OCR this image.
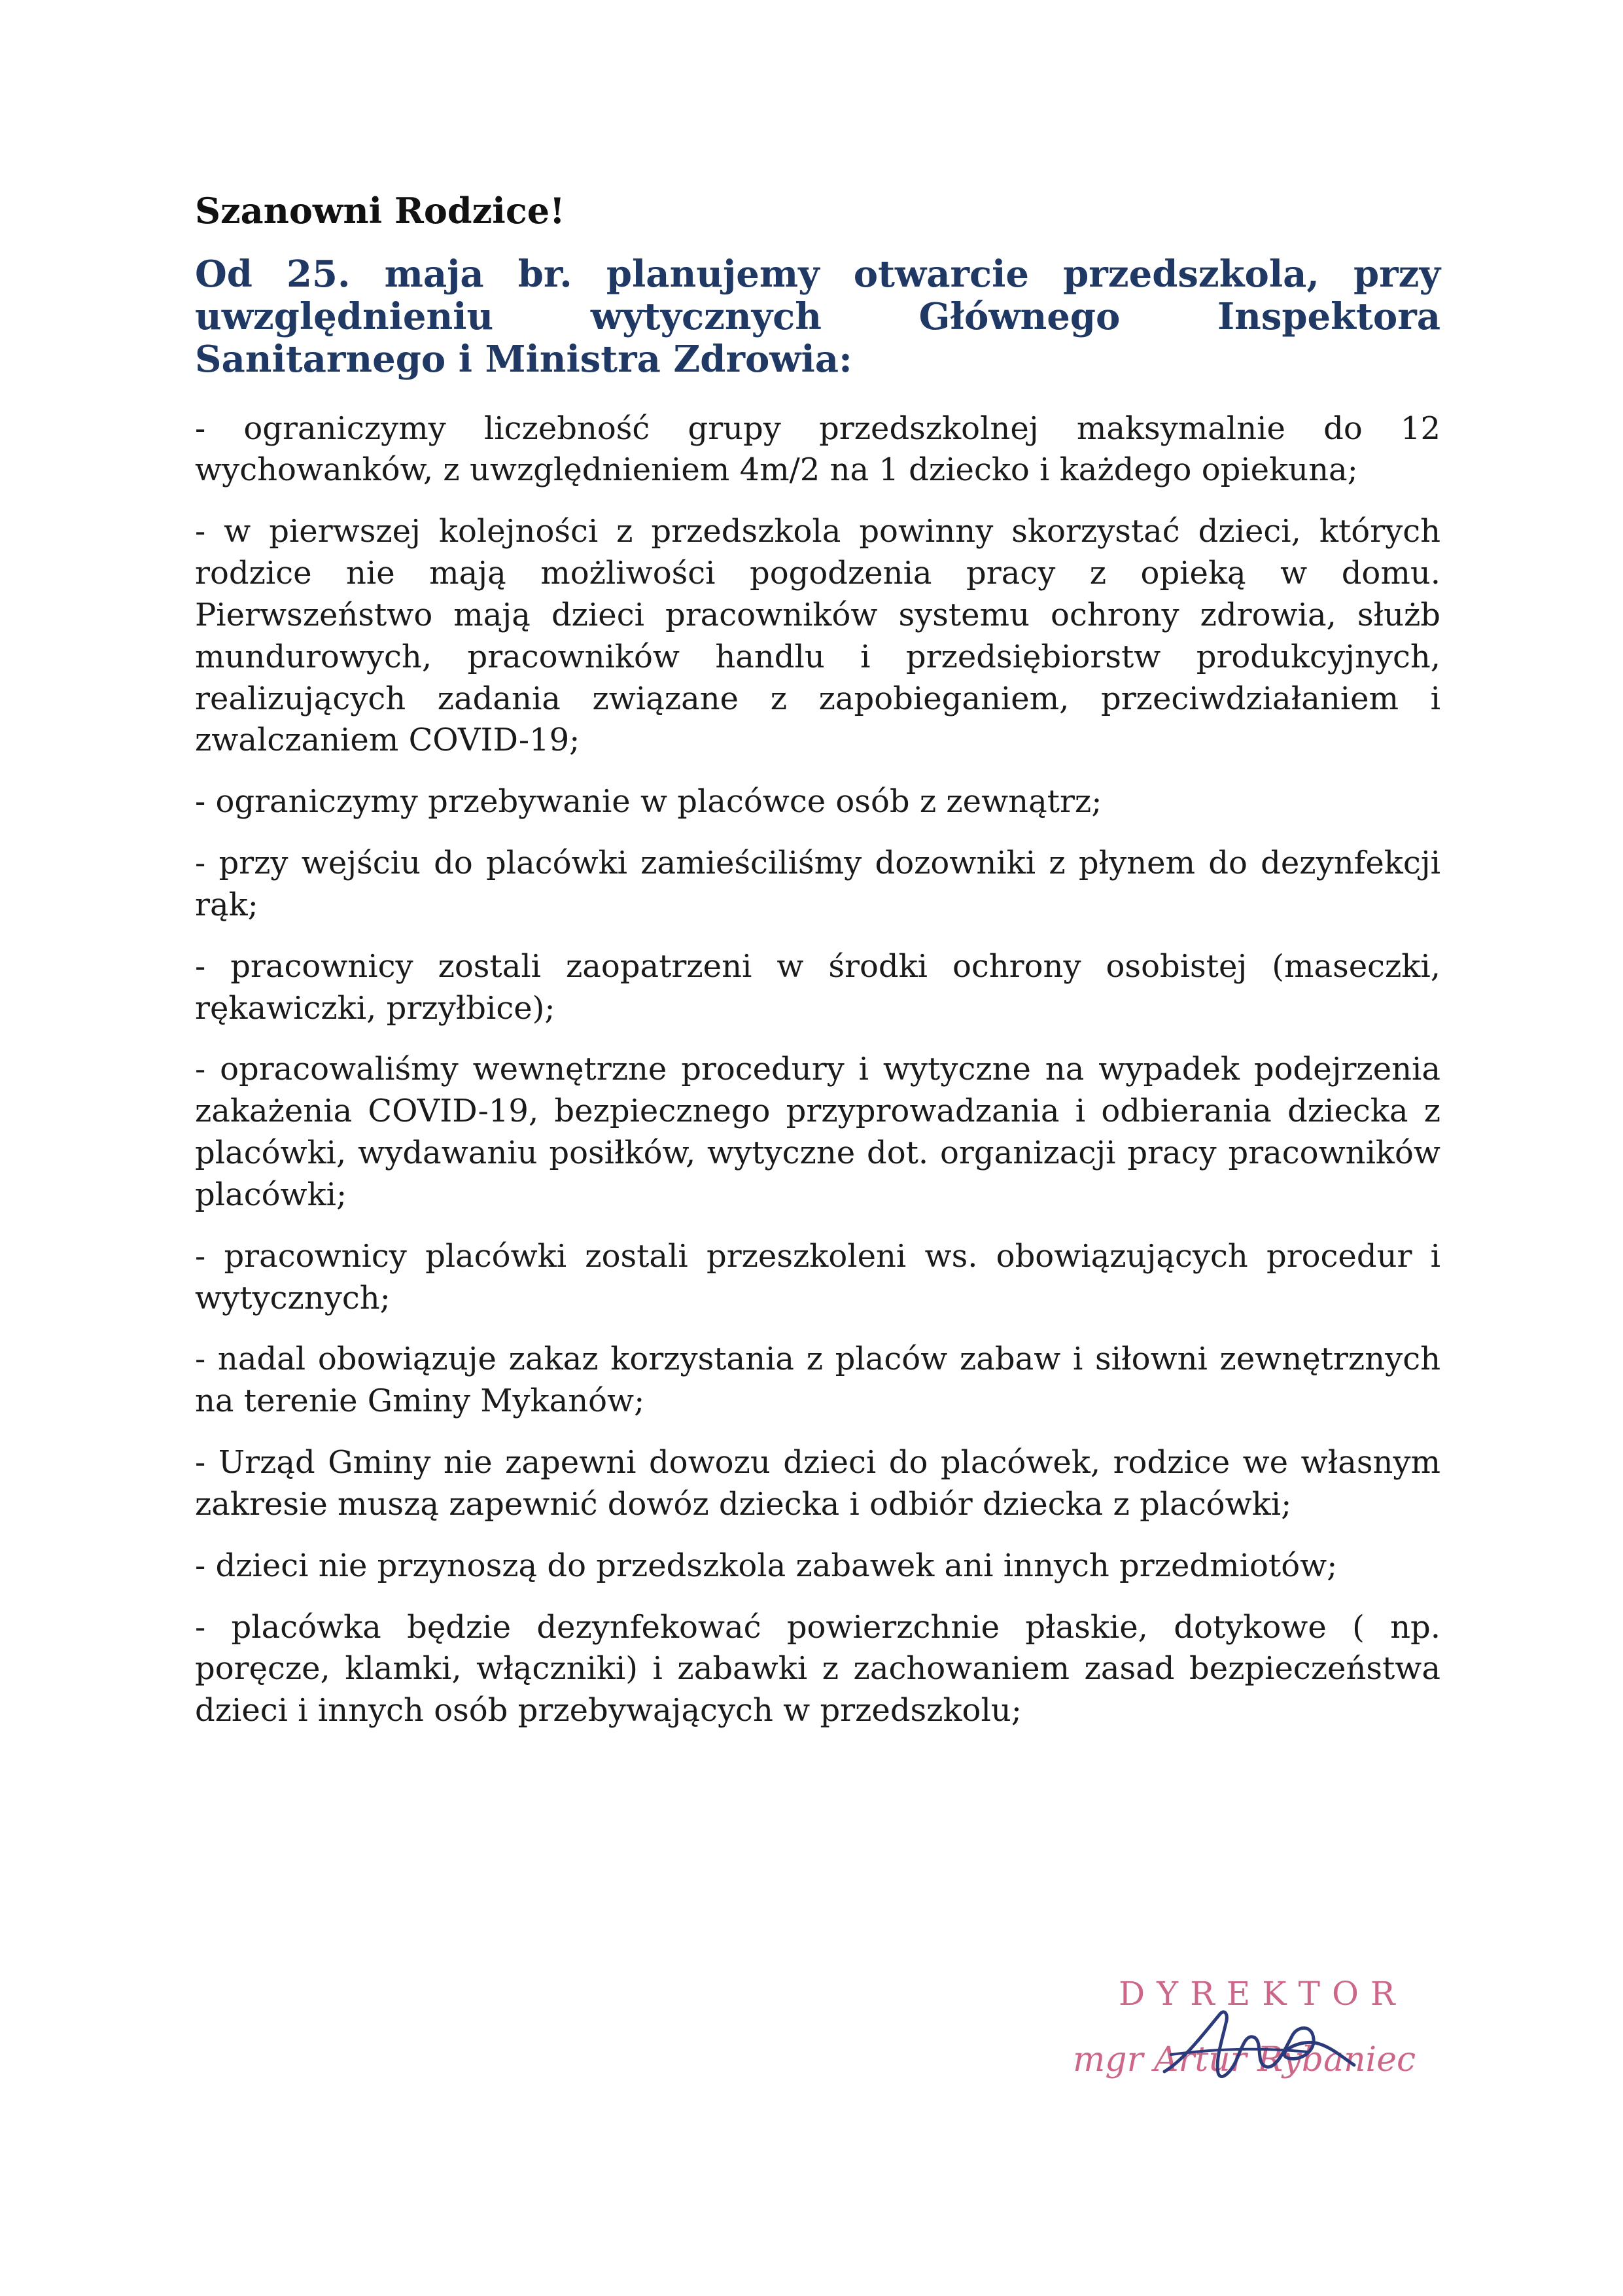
Szanowni Rodzice!

Od 25. maja br. planujemy otwarcie przedszkola, przy uwzględnieniu wytycznych Głównego Inspektora Sanitarnego i Ministra Zdrowia:

- ograniczymy liczebność grupy przedszkolnej maksymalnie do 12 wychowanków, z uwzględnieniem 4m/2 na 1 dziecko i każdego opiekuna;
- w pierwszej kolejności z przedszkola powinny skorzystać dzieci, których rodzice nie mają możliwości pogodzenia pracy z opieką w domu. Pierwszeństwo mają dzieci pracowników systemu ochrony zdrowia, służb mundurowych, pracowników handlu i przedsiębiorstw produkcyjnych, realizujących zadania związane z zapobieganiem, przeciwdziałaniem i zwalczaniem COVID-19;
- ograniczymy przebywanie w placówce osób z zewnątrz;
- przy wejściu do placówki zamieściliśmy dozowniki z płynem do dezynfekcji rąk;
- pracownicy zostali zaopatrzeni w środki ochrony osobistej (maseczki, rękawiczki, przyłbice);
- opracowaliśmy wewnętrzne procedury i wytyczne na wypadek podejrzenia zakażenia COVID-19, bezpiecznego przyprowadzania i odbierania dziecka z placówki, wydawaniu posiłków, wytyczne dot. organizacji pracy pracowników placówki;
- pracownicy placówki zostali przeszkoleni ws. obowiązujących procedur i wytycznych;
- nadal obowiązuje zakaz korzystania z placów zabaw i siłowni zewnętrznych na terenie Gminy Mykanów;
- Urząd Gminy nie zapewni dowozu dzieci do placówek, rodzice we własnym zakresie muszą zapewnić dowóz dziecka i odbiór dziecka z placówki;
- dzieci nie przynoszą do przedszkola zabawek ani innych przedmiotów;
- placówka będzie dezynfekować powierzchnie płaskie, dotykowe ( np. poręcze, klamki, włączniki) i zabawki z zachowaniem zasad bezpieczeństwa dzieci i innych osób przebywających w przedszkolu;
DYREKTOR
mgr Artur Rybaniec
